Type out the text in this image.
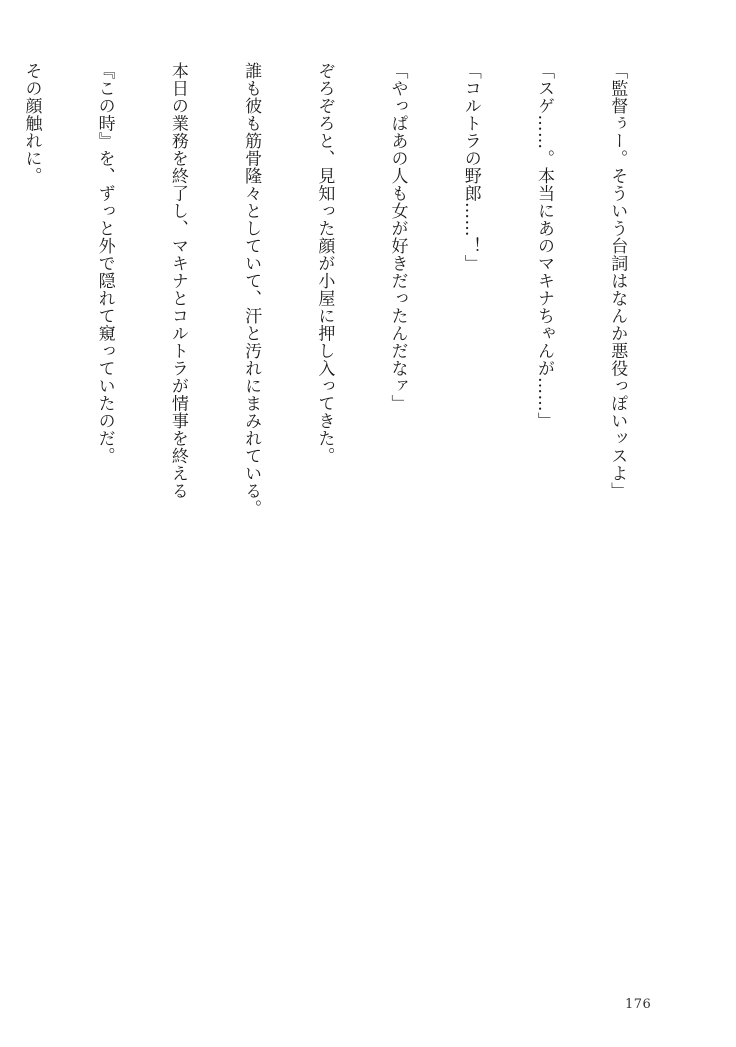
「監督ぅー。そういう台詞はなんか悪役っぽいッスよ」

「スゲ……。本当にあのマキナちゃんが……」

「コルトラの野郎……！」

「やっぱあの人も女が好きだったんだなァ」

ぞろぞろと、見知った顔が小屋に押し入ってきた。

誰も彼も筋骨隆々としていて、汗と汚れにまみれている。

本日の業務を終了し、マキナとコルトラが情事を終える

『この時』を、ずっと外で隠れて窺っていたのだ。

その顔触れに。

176
